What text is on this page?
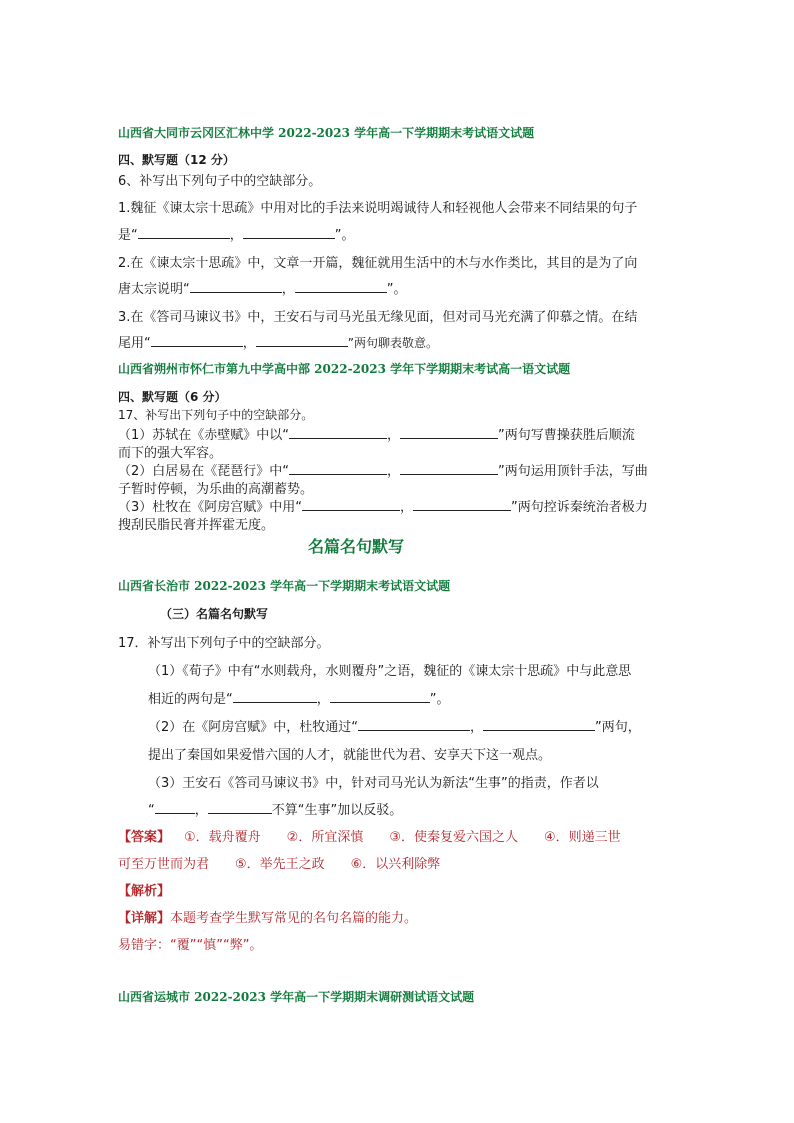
山西省大同市云冈区汇林中学 2022-2023 学年高一下学期期末考试语文试题
四、默写题（12 分）
6、补写出下列句子中的空缺部分。
1.魏征《谏太宗十思疏》中用对比的手法来说明竭诚待人和轻视他人会带来不同结果的句子
是“	，	”。
2.在《谏太宗十思疏》中，文章一开篇，魏征就用生活中的木与水作类比，其目的是为了向
唐太宗说明“	，	”。
3.在《答司马谏议书》中，王安石与司马光虽无缘见面，但对司马光充满了仰慕之情。在结
尾用“	，	”两句聊表敬意。
山西省朔州市怀仁市第九中学高中部 2022-2023 学年下学期期末考试高一语文试题
四、默写题（6 分）
17、补写出下列句子中的空缺部分。
（1）苏轼在《赤壁赋》中以“	，	”两句写曹操获胜后顺流
而下的强大军容。
（2）白居易在《琵琶行》中“	，	”两句运用顶针手法，写曲
子暂时停顿，为乐曲的高潮蓄势。
（3）杜牧在《阿房宫赋》中用“	，	”两句控诉秦统治者极力
搜刮民脂民膏并挥霍无度。
名篇名句默写
山西省长治市 2022-2023 学年高一下学期期末考试语文试题
（三）名篇名句默写
17．补写出下列句子中的空缺部分。
（1）《荀子》中有“水则载舟，水则覆舟”之语，魏征的《谏太宗十思疏》中与此意思
相近的两句是“	，	”。
（2）在《阿房宫赋》中，杜牧通过“	，	”两句，
提出了秦国如果爱惜六国的人才，就能世代为君、安享天下这一观点。
（3）王安石《答司马谏议书》中，针对司马光认为新法“生事”的指责，作者以
“	，	不算“生事”加以反驳。
【答案】 ①．载舟覆舟　　②．所宜深慎　　③．使秦复爱六国之人　　④．则递三世
可至万世而为君　　⑤．举先王之政　　⑥．以兴利除弊
【解析】
【详解】本题考查学生默写常见的名句名篇的能力。
易错字：“覆”“慎”“弊”。
山西省运城市 2022-2023 学年高一下学期期末调研测试语文试题
